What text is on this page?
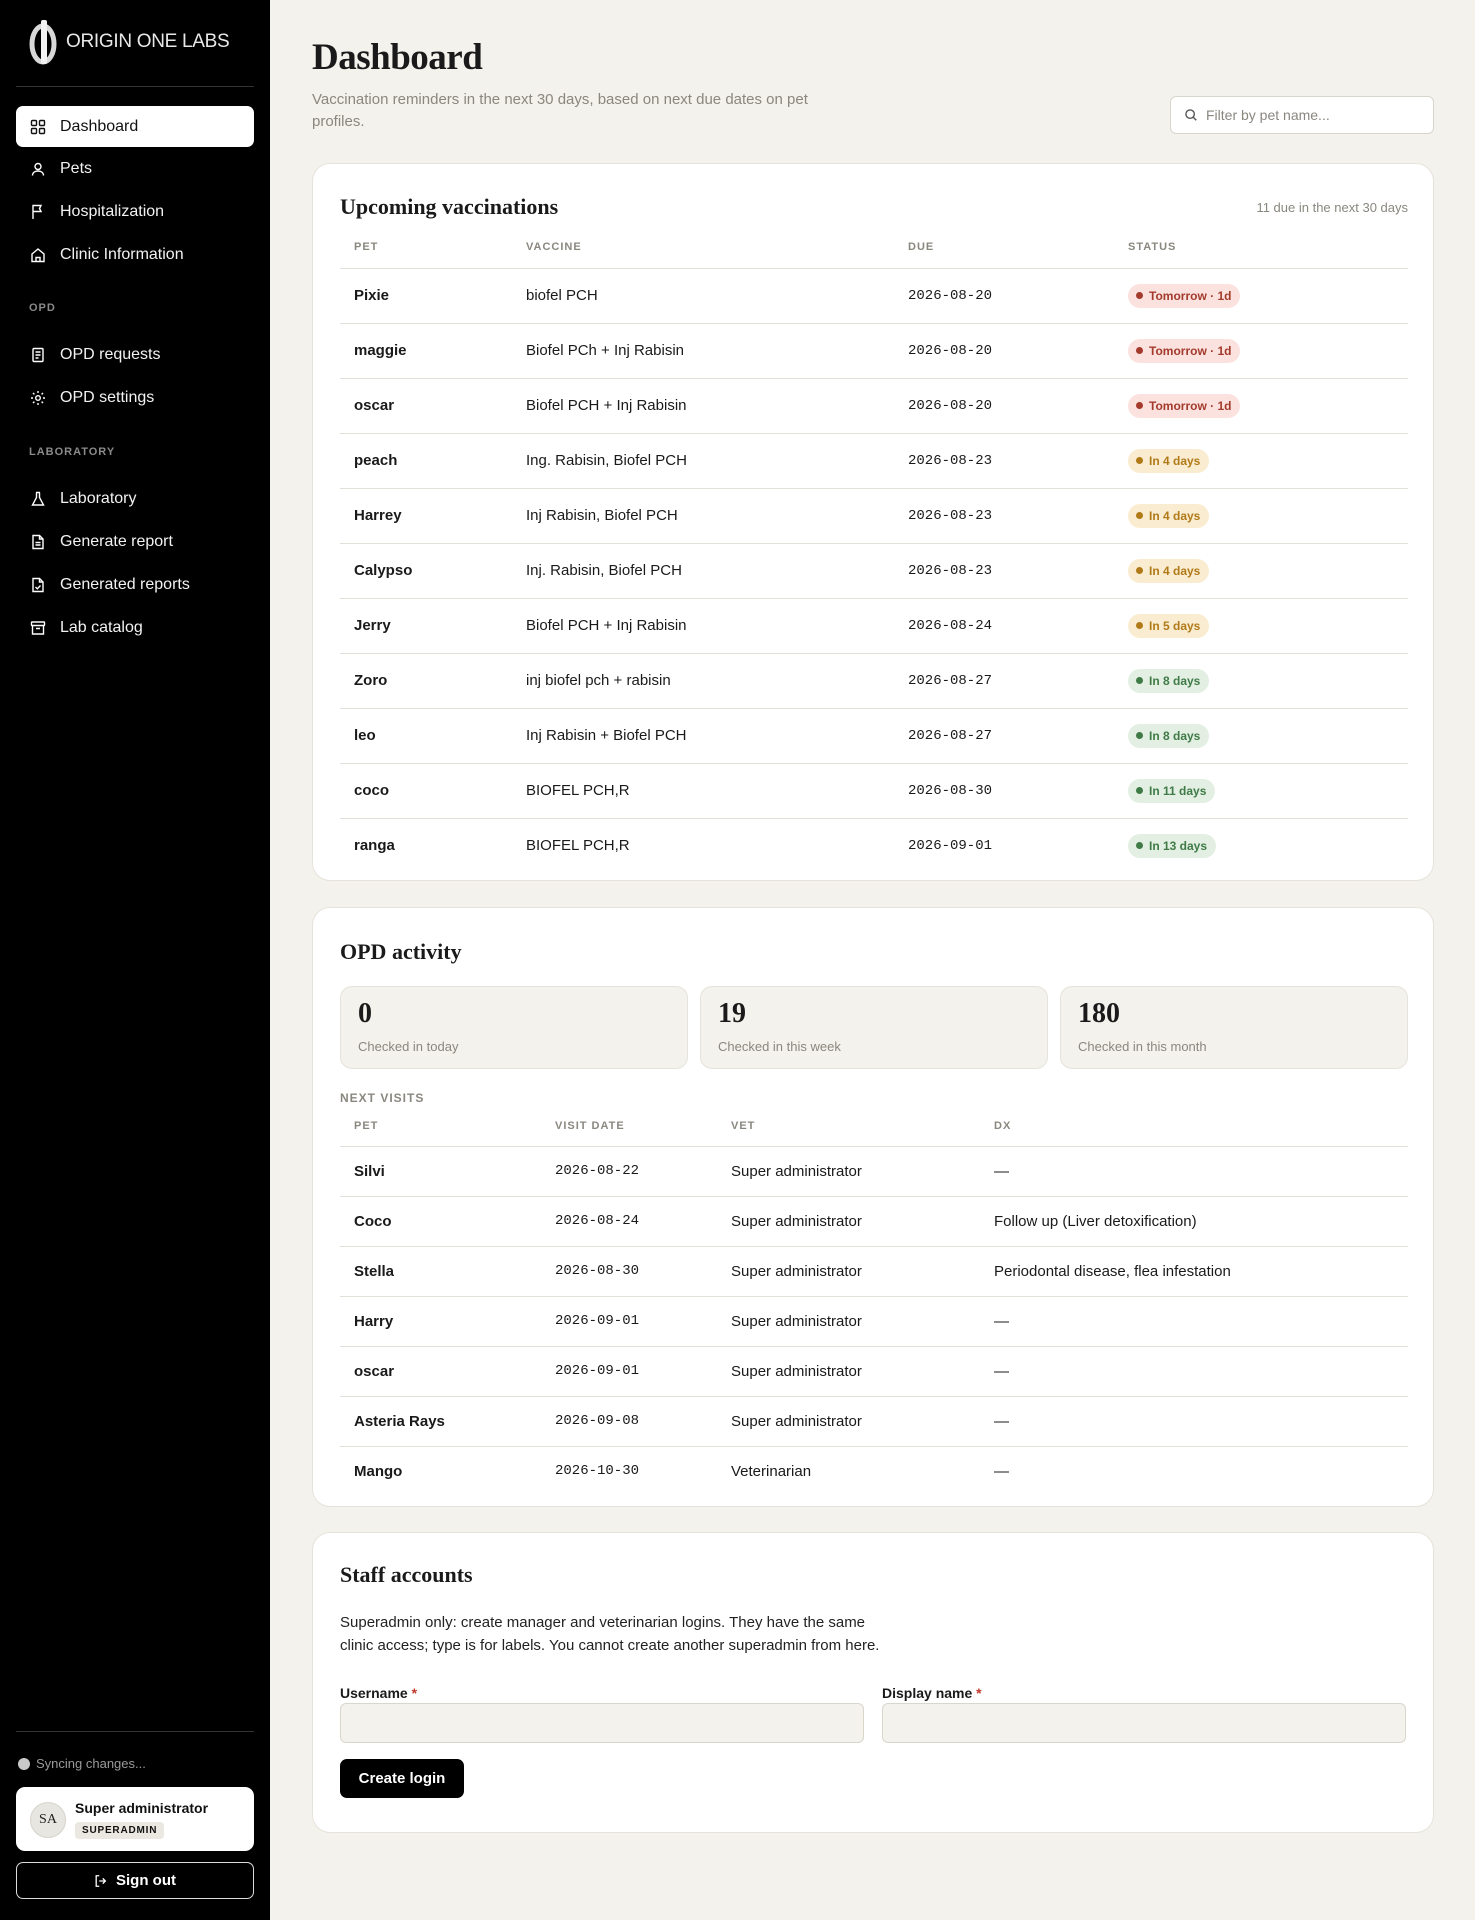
ORIGIN ONE LABS
Dashboard
Pets
Hospitalization
Clinic Information
OPD
OPD requests
OPD settings
LABORATORY
Laboratory
Generate report
Generated reports
Lab catalog
Syncing changes...
SA
Super administrator
SUPERADMIN
Sign out
Dashboard

Vaccination reminders in the next 30 days, based on next due dates on pet profiles.

Filter by pet name...
Upcoming vaccinations	11 due in the next 30 days
PET	VACCINE	DUE	STATUS
Pixie	biofel PCH	2026-08-20	Tomorrow · 1d

maggie	Biofel PCh + Inj Rabisin	2026-08-20	Tomorrow · 1d

oscar	Biofel PCH + Inj Rabisin	2026-08-20	Tomorrow · 1d

peach	Ing. Rabisin, Biofel PCH	2026-08-23	In 4 days

Harrey	Inj Rabisin, Biofel PCH	2026-08-23	In 4 days

Calypso	Inj. Rabisin, Biofel PCH	2026-08-23	In 4 days

Jerry	Biofel PCH + Inj Rabisin	2026-08-24	In 5 days

Zoro	inj biofel pch + rabisin	2026-08-27	In 8 days

leo	Inj Rabisin + Biofel PCH	2026-08-27	In 8 days

coco	BIOFEL PCH,R	2026-08-30	In 11 days

ranga	BIOFEL PCH,R	2026-09-01	In 13 days
OPD activity
0
Checked in today
19
Checked in this week
180
Checked in this month
NEXT VISITS
PET	VISIT DATE	VET	DX
Silvi	2026-08-22	Super administrator	—
Coco	2026-08-24	Super administrator	Follow up (Liver detoxification)
Stella	2026-08-30	Super administrator	Periodontal disease, flea infestation
Harry	2026-09-01	Super administrator	—
oscar	2026-09-01	Super administrator	—
Asteria Rays	2026-09-08	Super administrator	—
Mango	2026-10-30	Veterinarian	—
Staff accounts

Superadmin only: create manager and veterinarian logins. They have the same clinic access; type is for labels. You cannot create another superadmin from here.

Username *	Display name *
Create login
